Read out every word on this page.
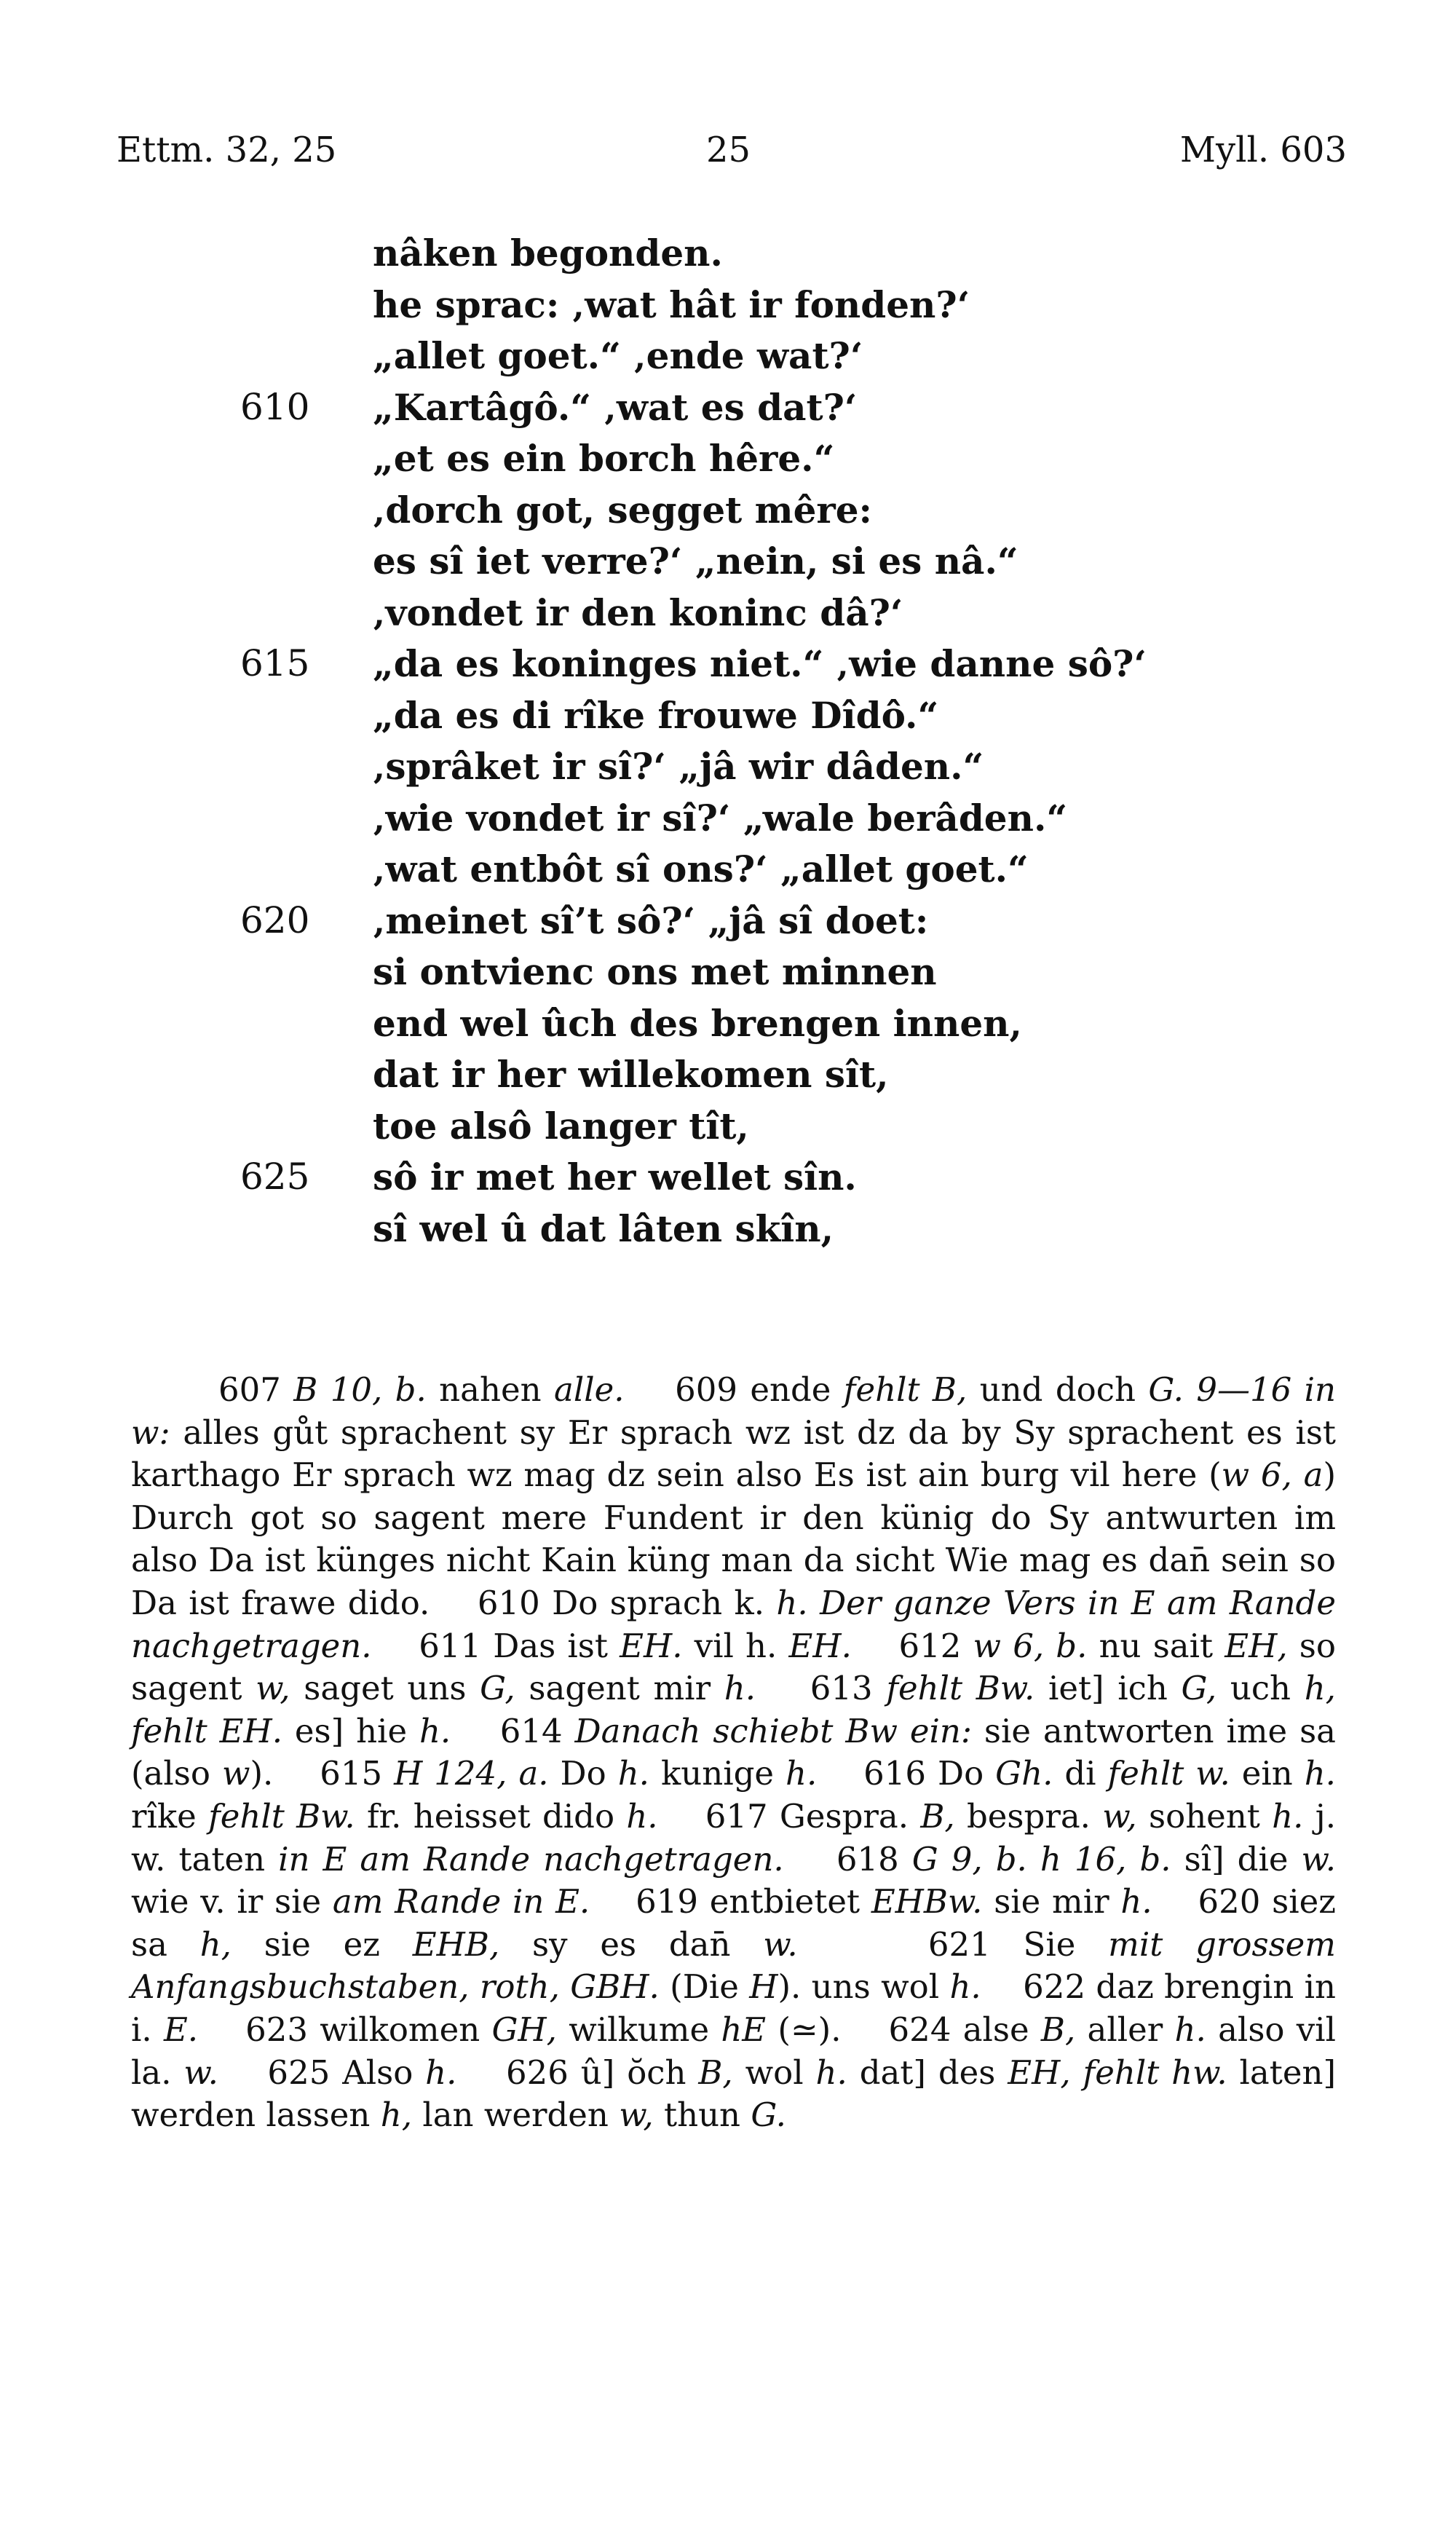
Ettm. 32, 25	25	Myll. 603
nâken begonden.
he sprac: ‚wat hât ir fonden?‘
„allet goet.“ ‚ende wat?‘
610 „Kartâgô.“ ‚wat es dat?‘
„et es ein borch hêre.“
‚dorch got, segget mêre:
es sî iet verre?‘ „nein, si es nâ.“
‚vondet ir den koninc dâ?‘
615 „da es koninges niet.“ ‚wie danne sô?‘
„da es di rîke frouwe Dîdô.“
‚sprâket ir sî?‘ „jâ wir dâden.“
‚wie vondet ir sî?‘ „wale berâden.“
‚wat entbôt sî ons?‘ „allet goet.“
620 ‚meinet sî’t sô?‘ „jâ sî doet:
si ontvienc ons met minnen
end wel ûch des brengen innen,
dat ir her willekomen sît,
toe alsô langer tît,
625 sô ir met her wellet sîn.
sî wel û dat lâten skîn,
607 B 10, b. nahen alle.    609 ende fehlt B, und doch G. 9—16 in w: alles gůt sprachent sy Er sprach wz ist dz da by Sy sprachent es ist karthago Er sprach wz mag dz sein also Es ist ain burg vil here (w 6, a) Durch got so sagent mere Fundent ir den künig do Sy antwurten im also Da ist künges nicht Kain küng man da sicht Wie mag es dan̄ sein so Da ist frawe dido.    610 Do sprach k. h. Der ganze Vers in E am Rande nachgetragen.    611 Das ist EH. vil h. EH.    612 w 6, b. nu sait EH, so sagent w, saget uns G, sagent mir h.    613 fehlt Bw. iet] ich G, uch h, fehlt EH. es] hie h.    614 Danach schiebt Bw ein: sie antworten ime sa (also w).    615 H 124, a. Do h. kunige h.    616 Do Gh. di fehlt w. ein h. rîke fehlt Bw. fr. heisset dido h.    617 Gespra. B, bespra. w, sohent h. j. w. taten in E am Rande nachgetragen.    618 G 9, b. h 16, b. sî] die w. wie v. ir sie am Rande in E.    619 entbietet EHBw. sie mir h.    620 siez sa h, sie ez EHB, sy es dan̄ w.    621 Sie mit grossem Anfangsbuchstaben, roth, GBH. (Die H). uns wol h.    622 daz brengin in i. E.    623 wilkomen GH, wilkume hE (≃).    624 alse B, aller h. also vil la. w.    625 Also h.    626 û] ŏch B, wol h. dat] des EH, fehlt hw. laten] werden lassen h, lan werden w, thun G.
